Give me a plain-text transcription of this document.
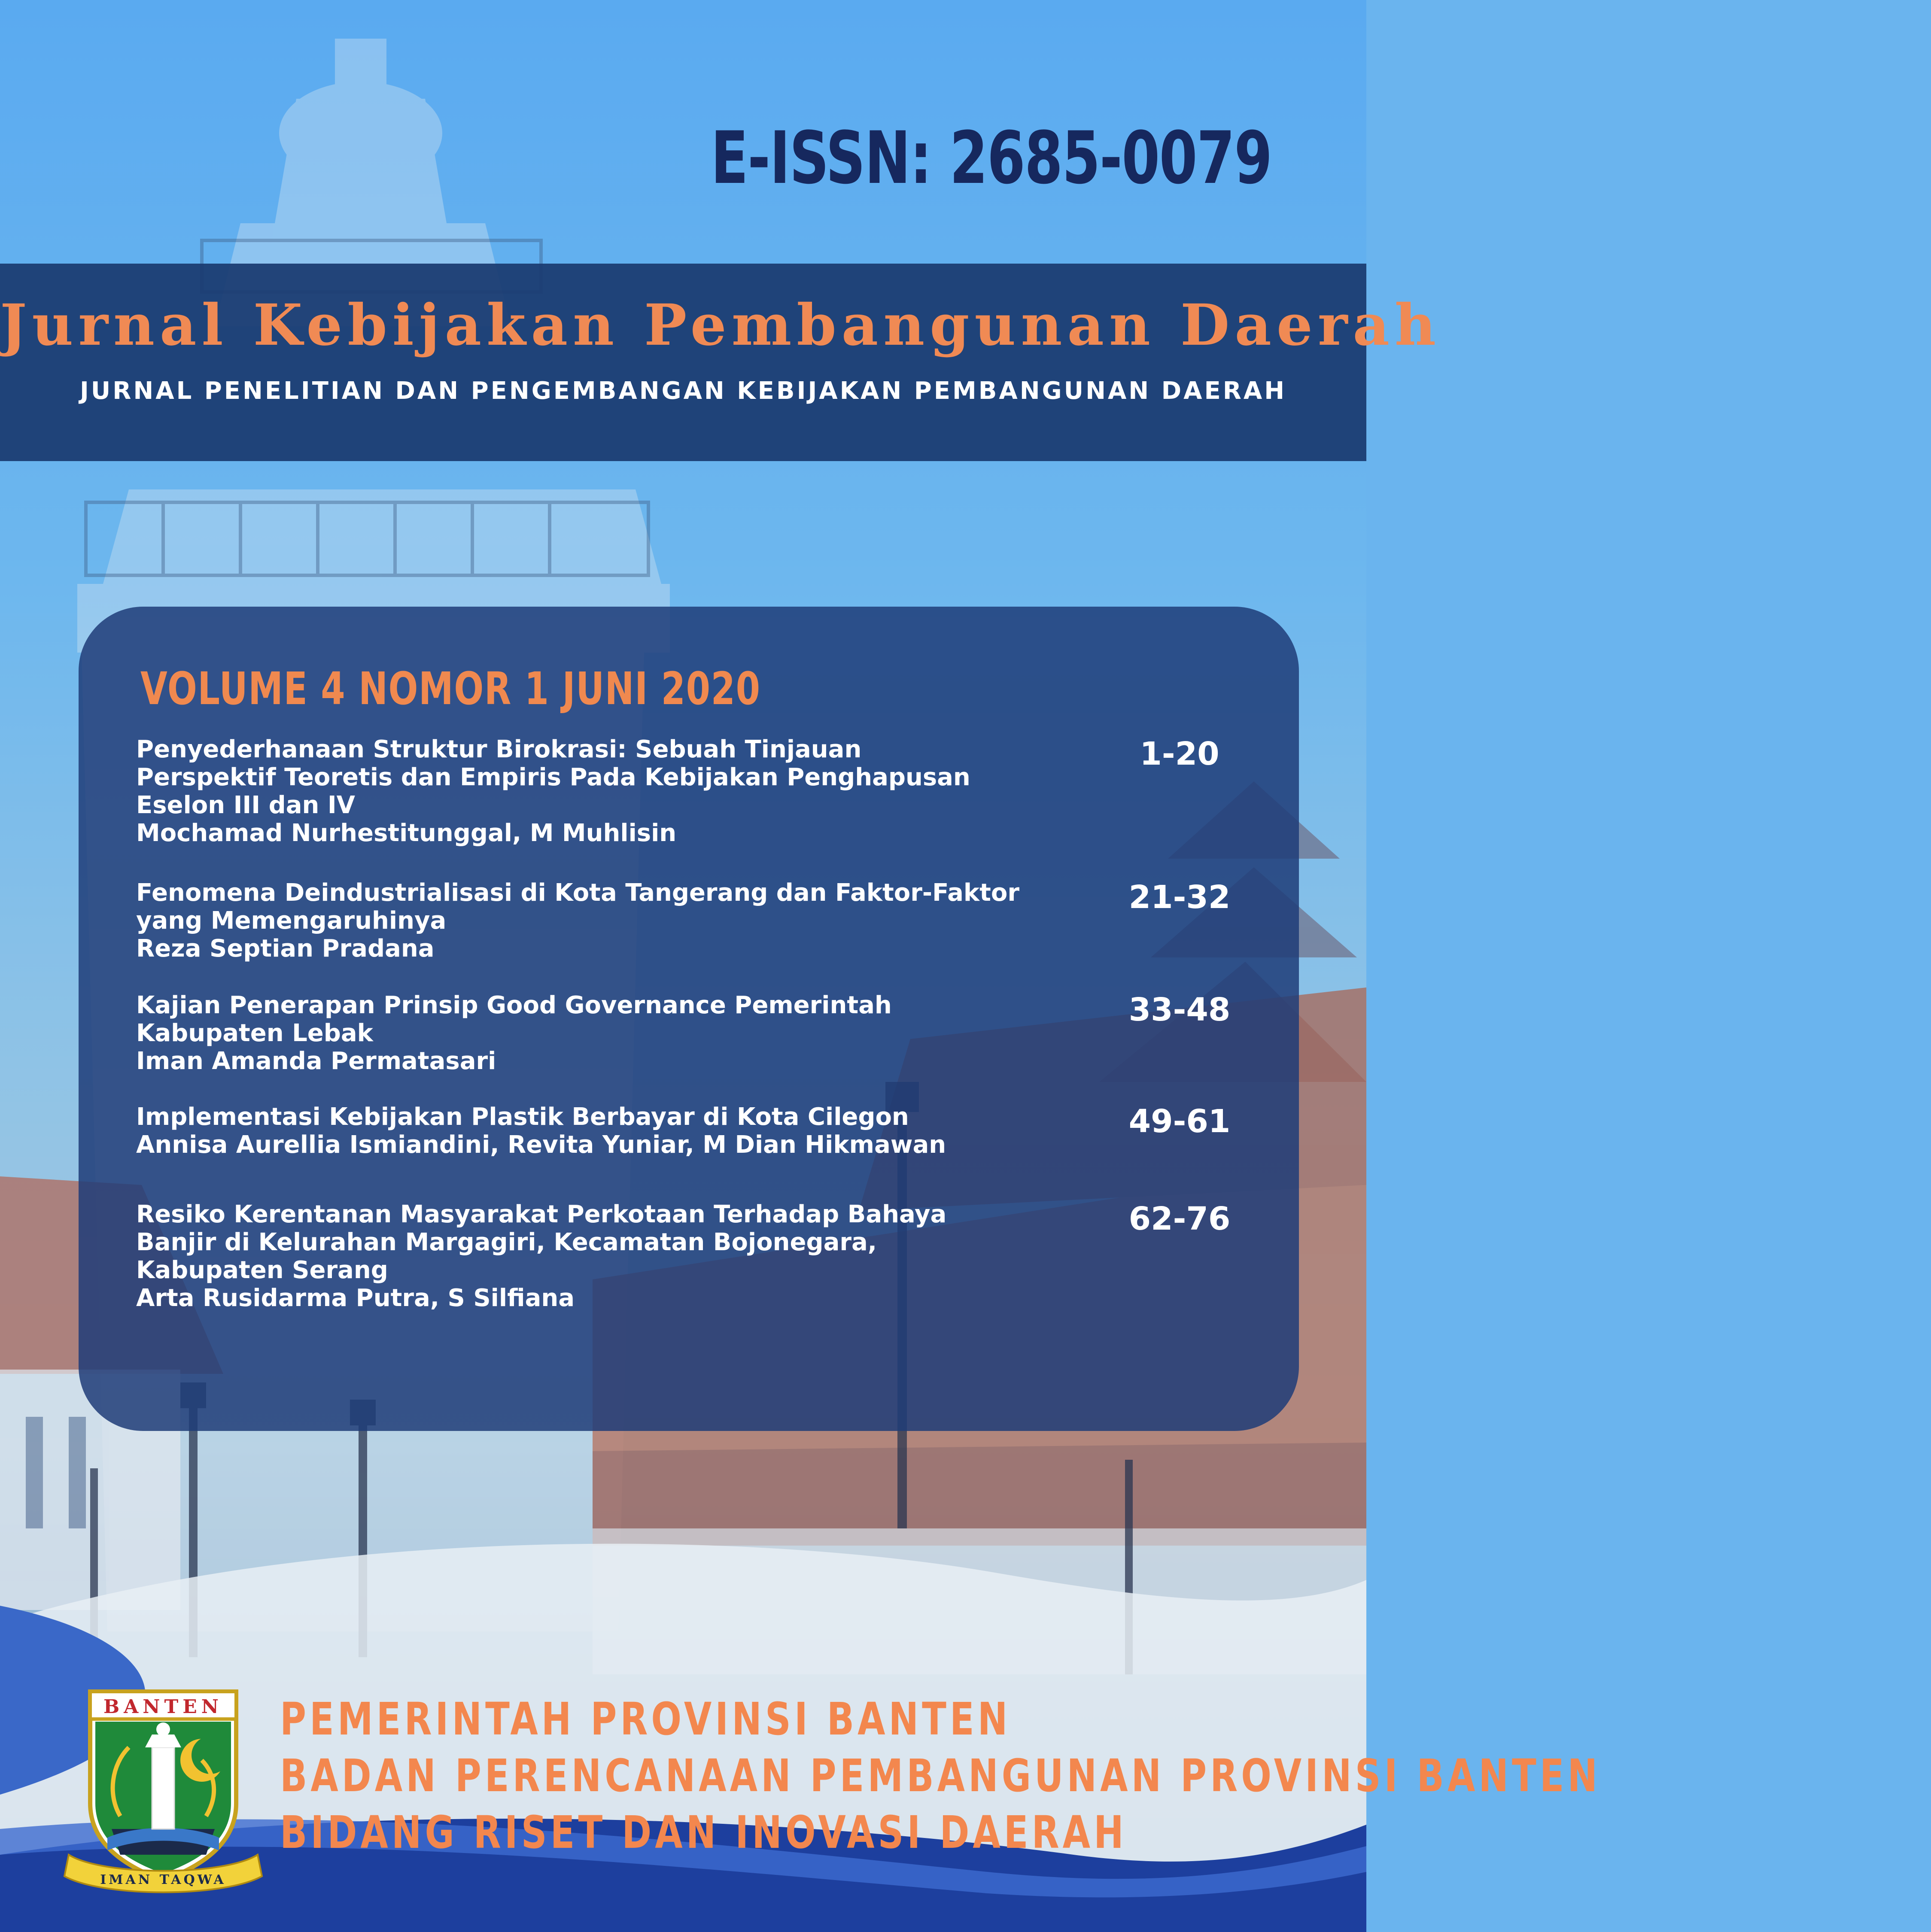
E-ISSN: 2685-0079
Jurnal Kebijakan Pembangunan Daerah

JURNAL PENELITIAN DAN PENGEMBANGAN KEBIJAKAN PEMBANGUNAN DAERAH

VOLUME 4 NOMOR 1 JUNI 2020
Penyederhanaan Struktur Birokrasi: Sebuah Tinjauan
Perspektif Teoretis dan Empiris Pada Kebijakan Penghapusan
Eselon III dan IV
Mochamad Nurhestitunggal, M Muhlisin
1-20
Fenomena Deindustrialisasi di Kota Tangerang dan Faktor-Faktor
yang Memengaruhinya
Reza Septian Pradana
21-32
Kajian Penerapan Prinsip Good Governance Pemerintah
Kabupaten Lebak
Iman Amanda Permatasari
33-48
Implementasi Kebijakan Plastik Berbayar di Kota Cilegon
Annisa Aurellia Ismiandini, Revita Yuniar, M Dian Hikmawan
49-61
Resiko Kerentanan Masyarakat Perkotaan Terhadap Bahaya
Banjir di Kelurahan Margagiri, Kecamatan Bojonegara,
Kabupaten Serang
Arta Rusidarma Putra, S Silfiana
62-76
BANTEN
IMAN TAQWA

PEMERINTAH PROVINSI BANTEN

BADAN PERENCANAAN PEMBANGUNAN PROVINSI BANTEN

BIDANG RISET DAN INOVASI DAERAH
